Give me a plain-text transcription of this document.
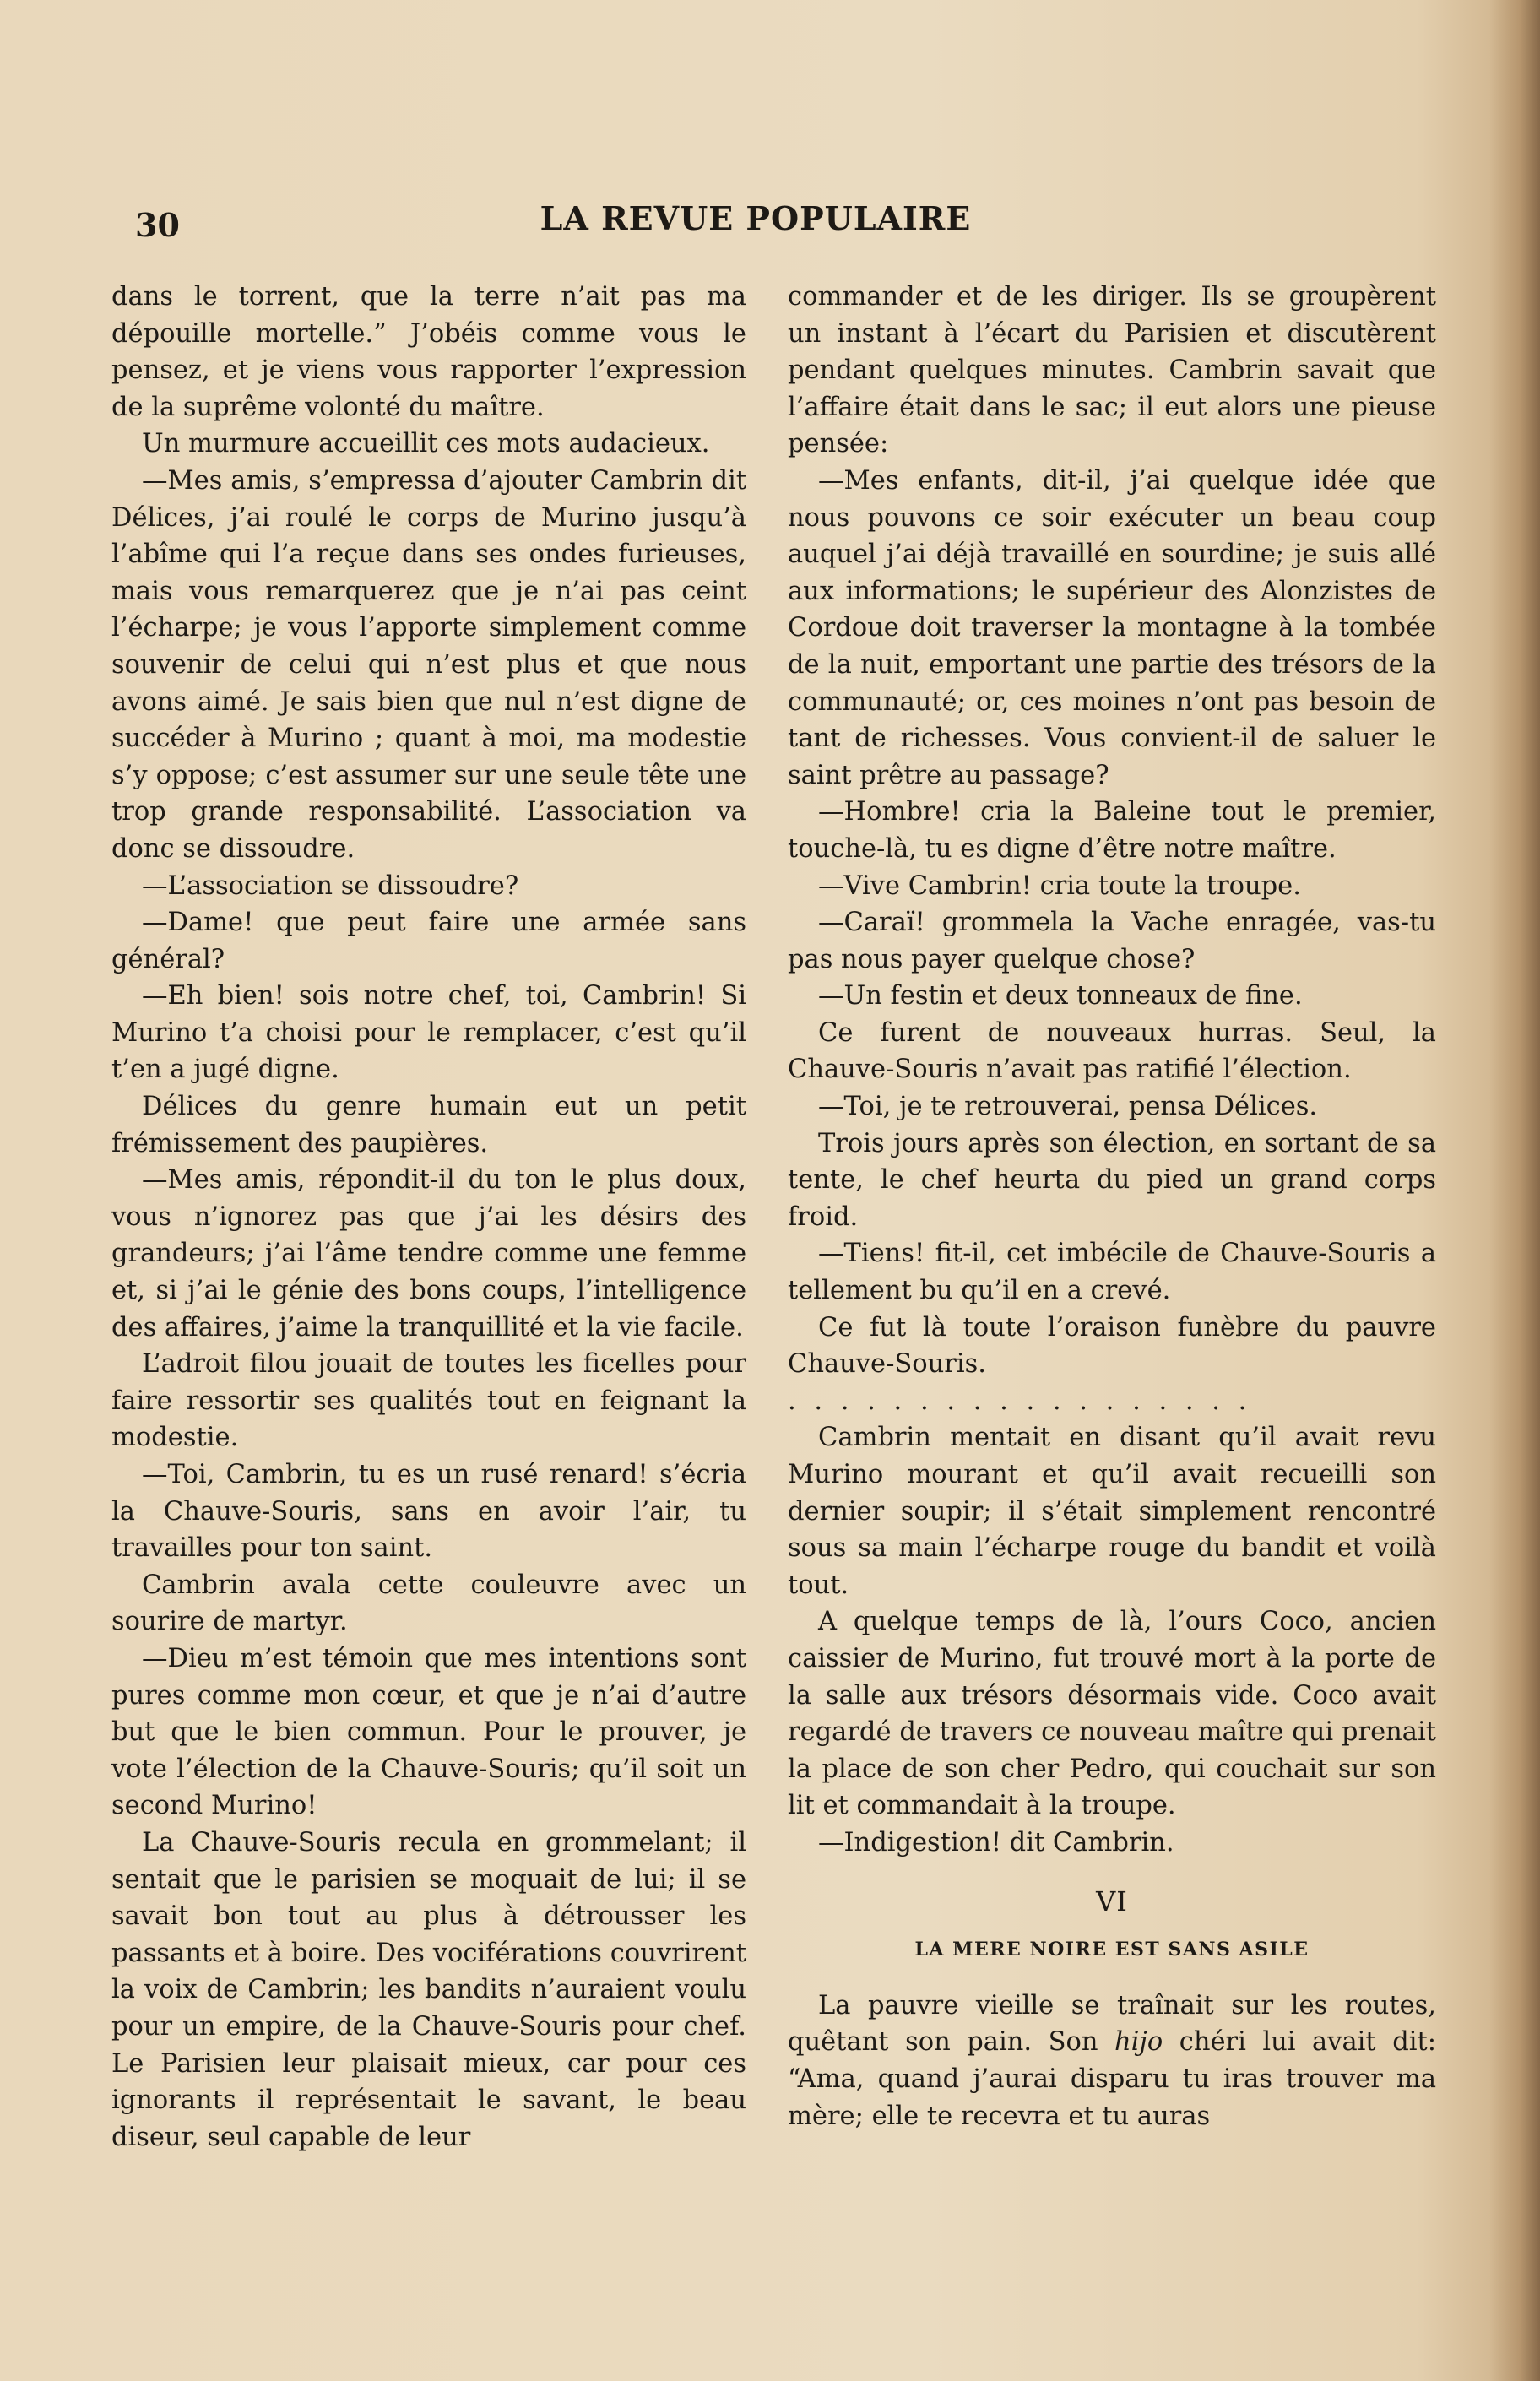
30	LA REVUE POPULAIRE

dans le torrent, que la terre n’ait pas ma dépouille mortelle.” J’obéis comme vous le pensez, et je viens vous rapporter l’expression de la suprême volonté du maître.

Un murmure accueillit ces mots audacieux.

—Mes amis, s’empressa d’ajouter Cambrin dit Délices, j’ai roulé le corps de Murino jusqu’à l’abîme qui l’a reçue dans ses ondes furieuses, mais vous remarquerez que je n’ai pas ceint l’écharpe; je vous l’apporte simplement comme souvenir de celui qui n’est plus et que nous avons aimé. Je sais bien que nul n’est digne de succéder à Murino ; quant à moi, ma modestie s’y oppose; c’est assumer sur une seule tête une trop grande responsabilité. L’association va donc se dissoudre.

—L’association se dissoudre?

—Dame! que peut faire une armée sans général?

—Eh bien! sois notre chef, toi, Cambrin! Si Murino t’a choisi pour le remplacer, c’est qu’il t’en a jugé digne.

Délices du genre humain eut un petit frémissement des paupières.

—Mes amis, répondit-il du ton le plus doux, vous n’ignorez pas que j’ai les désirs des grandeurs; j’ai l’âme tendre comme une femme et, si j’ai le génie des bons coups, l’intelligence des affaires, j’aime la tranquillité et la vie facile.

L’adroit filou jouait de toutes les ficelles pour faire ressortir ses qualités tout en feignant la modestie.

—Toi, Cambrin, tu es un rusé renard! s’écria la Chauve-Souris, sans en avoir l’air, tu travailles pour ton saint.

Cambrin avala cette couleuvre avec un sourire de martyr.

—Dieu m’est témoin que mes intentions sont pures comme mon cœur, et que je n’ai d’autre but que le bien commun. Pour le prouver, je vote l’élection de la Chauve-Souris; qu’il soit un second Murino!

La Chauve-Souris recula en grommelant; il sentait que le parisien se moquait de lui; il se savait bon tout au plus à détrousser les passants et à boire. Des vociférations couvrirent la voix de Cambrin; les bandits n’auraient voulu pour un empire, de la Chauve-Souris pour chef. Le Parisien leur plaisait mieux, car pour ces ignorants il représentait le savant, le beau diseur, seul capable de leur

commander et de les diriger. Ils se groupèrent un instant à l’écart du Parisien et discutèrent pendant quelques minutes. Cambrin savait que l’affaire était dans le sac; il eut alors une pieuse pensée:

—Mes enfants, dit-il, j’ai quelque idée que nous pouvons ce soir exécuter un beau coup auquel j’ai déjà travaillé en sourdine; je suis allé aux informations; le supérieur des Alonzistes de Cordoue doit traverser la montagne à la tombée de la nuit, emportant une partie des trésors de la communauté; or, ces moines n’ont pas besoin de tant de richesses. Vous convient-il de saluer le saint prêtre au passage?

—Hombre! cria la Baleine tout le premier, touche-là, tu es digne d’être notre maître.

—Vive Cambrin! cria toute la troupe.

—Caraï! grommela la Vache enragée, vas-tu pas nous payer quelque chose?

—Un festin et deux tonneaux de fine.

Ce furent de nouveaux hurras. Seul, la Chauve-Souris n’avait pas ratifié l’élection.

—Toi, je te retrouverai, pensa Délices.

Trois jours après son élection, en sortant de sa tente, le chef heurta du pied un grand corps froid.

—Tiens! fit-il, cet imbécile de Chauve-Souris a tellement bu qu’il en a crevé.

Ce fut là toute l’oraison funèbre du pauvre Chauve-Souris.

. . . . . . . . . . . . . . . . . .

Cambrin mentait en disant qu’il avait revu Murino mourant et qu’il avait recueilli son dernier soupir; il s’était simplement rencontré sous sa main l’écharpe rouge du bandit et voilà tout.

A quelque temps de là, l’ours Coco, ancien caissier de Murino, fut trouvé mort à la porte de la salle aux trésors désormais vide. Coco avait regardé de travers ce nouveau maître qui prenait la place de son cher Pedro, qui couchait sur son lit et commandait à la troupe.

—Indigestion! dit Cambrin.

VI

LA MERE NOIRE EST SANS ASILE

La pauvre vieille se traînait sur les routes, quêtant son pain. Son hijo chéri lui avait dit: “Ama, quand j’aurai disparu tu iras trouver ma mère; elle te recevra et tu auras
